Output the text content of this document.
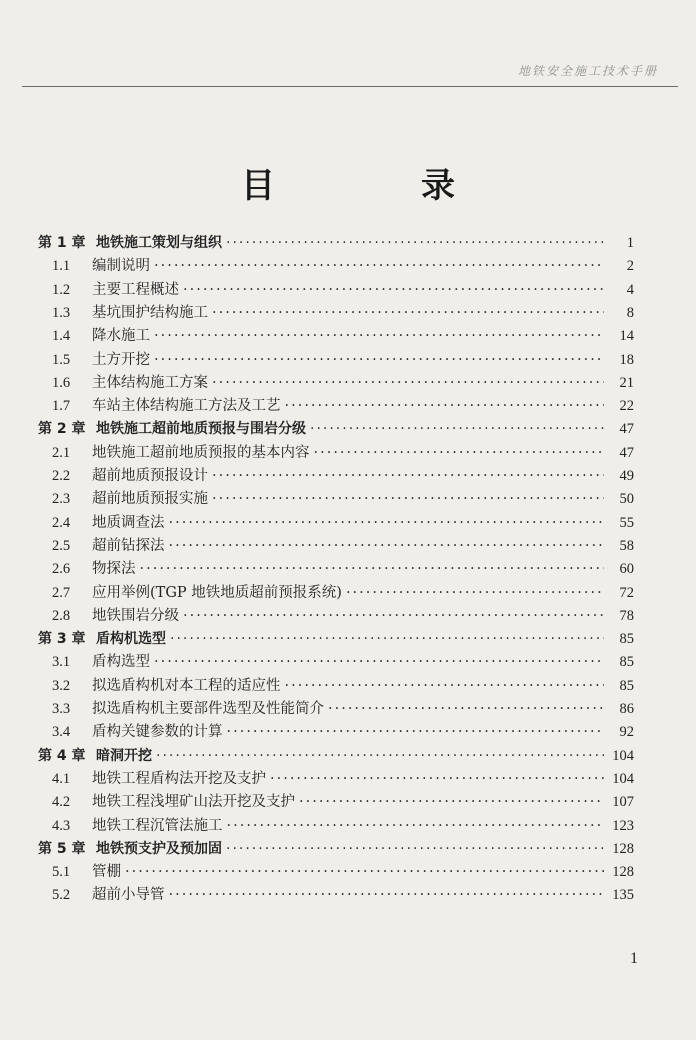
地铁安全施工技术手册
目　录
第 1 章 地铁施工策划与组织 ·····	1
1.1	编制说明 ·····	2
1.2	主要工程概述 ·····	4
1.3	基坑围护结构施工 ·····	8
1.4	降水施工 ·····	14
1.5	土方开挖 ·····	18
1.6	主体结构施工方案 ·····	21
1.7	车站主体结构施工方法及工艺 ·····	22
第 2 章 地铁施工超前地质预报与围岩分级 ·····	47
2.1	地铁施工超前地质预报的基本内容 ·····	47
2.2	超前地质预报设计 ·····	49
2.3	超前地质预报实施 ·····	50
2.4	地质调查法 ·····	55
2.5	超前钻探法 ·····	58
2.6	物探法 ·····	60
2.7	应用举例(TGP 地铁地质超前预报系统) ·····	72
2.8	地铁围岩分级 ·····	78
第 3 章 盾构机选型 ·····	85
3.1	盾构选型 ·····	85
3.2	拟选盾构机对本工程的适应性 ·····	85
3.3	拟选盾构机主要部件选型及性能简介 ·····	86
3.4	盾构关键参数的计算 ·····	92
第 4 章 暗洞开挖 ·····	104
4.1	地铁工程盾构法开挖及支护 ·····	104
4.2	地铁工程浅埋矿山法开挖及支护 ·····	107
4.3	地铁工程沉管法施工 ·····	123
第 5 章 地铁预支护及预加固 ·····	128
5.1	管棚 ·····	128
5.2	超前小导管 ·····	135
1
